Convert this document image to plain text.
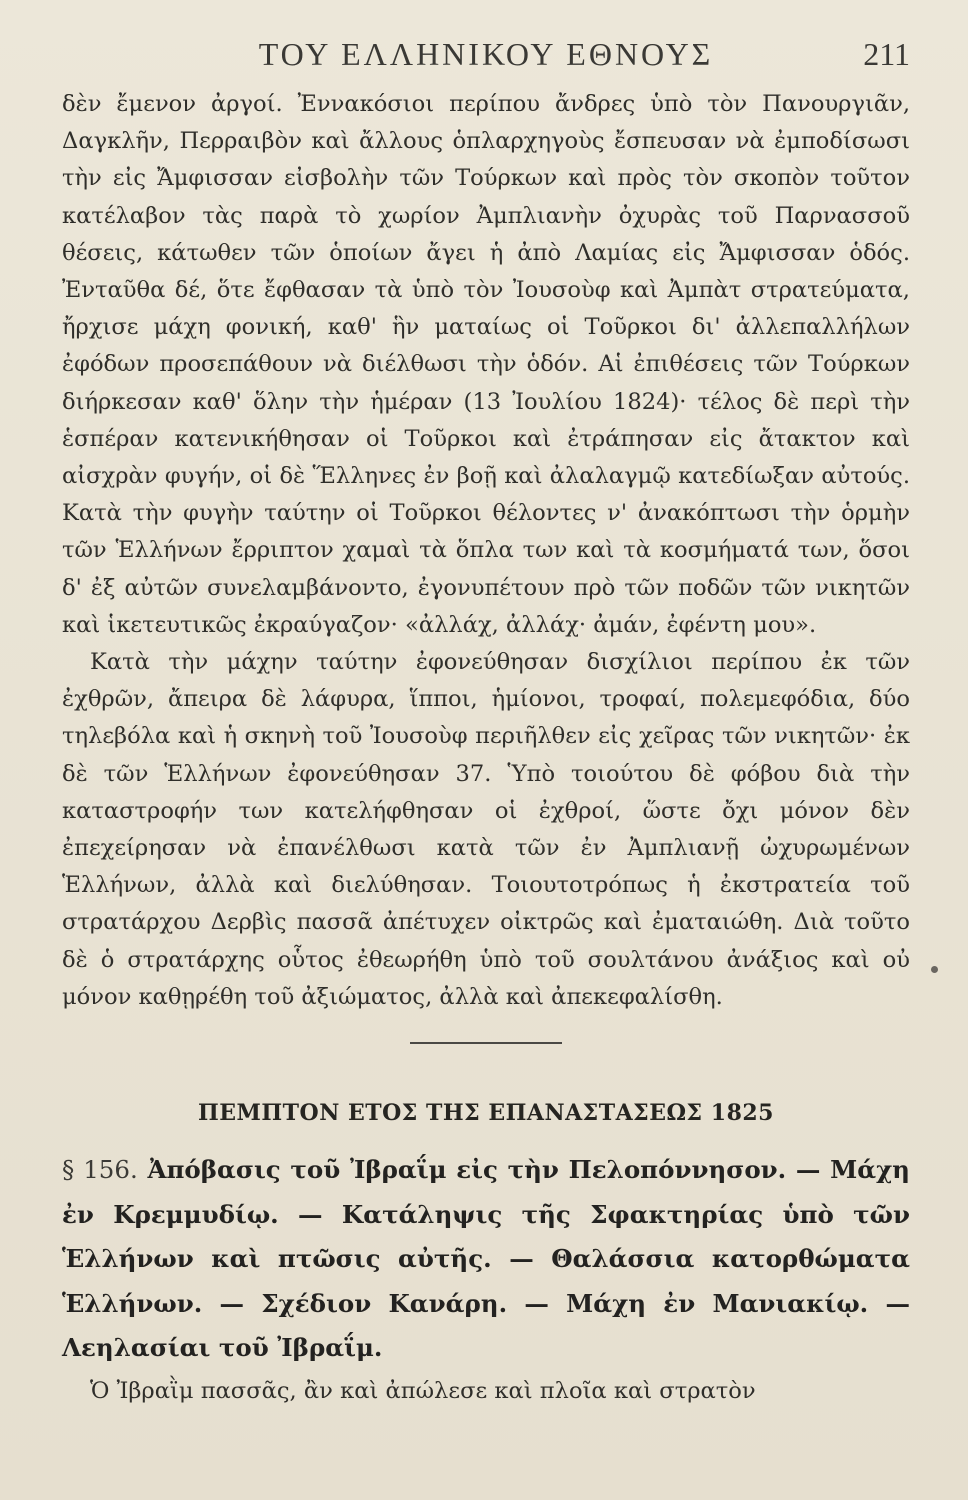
ΤΟΥ ΕΛΛΗΝΙΚΟΥ ΕΘΝΟΥΣ	211

δὲν ἔμενον ἀργοί. Ἐννακόσιοι περίπου ἄνδρες ὑπὸ τὸν Πανουργιᾶν, Δαγκλῆν, Περραιβὸν καὶ ἄλλους ὁπλαρχηγοὺς ἔσπευσαν νὰ ἐμποδίσωσι τὴν εἰς Ἄμφισσαν εἰσβολὴν τῶν Τούρκων καὶ πρὸς τὸν σκοπὸν τοῦτον κατέλαβον τὰς παρὰ τὸ χωρίον Ἀμπλιανὴν ὀχυρὰς τοῦ Παρνασσοῦ θέσεις, κάτωθεν τῶν ὁποίων ἄγει ἡ ἀπὸ Λαμίας εἰς Ἄμφισσαν ὁδός. Ἐνταῦθα δέ, ὅτε ἔφθασαν τὰ ὑπὸ τὸν Ἰουσοὺφ καὶ Ἀμπὰτ στρατεύματα, ἤρχισε μάχη φονική, καθ' ἣν ματαίως οἱ Τοῦρκοι δι' ἀλλεπαλλήλων ἐφόδων προσεπάθουν νὰ διέλθωσι τὴν ὁδόν. Αἱ ἐπιθέσεις τῶν Τούρκων διήρκεσαν καθ' ὅλην τὴν ἡμέραν (13 Ἰουλίου 1824)· τέλος δὲ περὶ τὴν ἑσπέραν κατενικήθησαν οἱ Τοῦρκοι καὶ ἐτράπησαν εἰς ἄτακτον καὶ αἰσχρὰν φυγήν, οἱ δὲ Ἕλληνες ἐν βοῇ καὶ ἀλαλαγμῷ κατεδίωξαν αὐτούς. Κατὰ τὴν φυγὴν ταύτην οἱ Τοῦρκοι θέλοντες ν' ἀνακόπτωσι τὴν ὁρμὴν τῶν Ἑλλήνων ἔρριπτον χαμαὶ τὰ ὅπλα των καὶ τὰ κοσμήματά των, ὅσοι δ' ἐξ αὐτῶν συνελαμβάνοντο, ἐγονυπέτουν πρὸ τῶν ποδῶν τῶν νικητῶν καὶ ἱκετευτικῶς ἐκραύγαζον· «ἀλλάχ, ἀλλάχ· ἀμάν, ἐφέντη μου».

Κατὰ τὴν μάχην ταύτην ἐφονεύθησαν δισχίλιοι περίπου ἐκ τῶν ἐχθρῶν, ἄπειρα δὲ λάφυρα, ἵπποι, ἡμίονοι, τροφαί, πολεμεφόδια, δύο τηλεβόλα καὶ ἡ σκηνὴ τοῦ Ἰουσοὺφ περιῆλθεν εἰς χεῖρας τῶν νικητῶν· ἐκ δὲ τῶν Ἑλλήνων ἐφονεύθησαν 37. Ὑπὸ τοιούτου δὲ φόβου διὰ τὴν καταστροφήν των κατελήφθησαν οἱ ἐχθροί, ὥστε ὄχι μόνον δὲν ἐπεχείρησαν νὰ ἐπανέλθωσι κατὰ τῶν ἐν Ἀμπλιανῇ ὠχυρωμένων Ἑλλήνων, ἀλλὰ καὶ διελύθησαν. Τοιουτοτρόπως ἡ ἐκστρατεία τοῦ στρατάρχου Δερβὶς πασσᾶ ἀπέτυχεν οἰκτρῶς καὶ ἐματαιώθη. Διὰ τοῦτο δὲ ὁ στρατάρχης οὗτος ἐθεωρήθη ὑπὸ τοῦ σουλτάνου ἀνάξιος καὶ οὐ μόνον καθῃρέθη τοῦ ἀξιώματος, ἀλλὰ καὶ ἀπεκεφαλίσθη.

ΠΕΜΠΤΟΝ ΕΤΟΣ ΤΗΣ ΕΠΑΝΑΣΤΑΣΕΩΣ 1825
§ 156. Ἀπόβασις τοῦ Ἰβραΐμ εἰς τὴν Πελοπόννησον. — Μάχη ἐν Κρεμμυδίῳ. — Κατάληψις τῆς Σφακτηρίας ὑπὸ τῶν Ἑλλήνων καὶ πτῶσις αὐτῆς. — Θαλάσσια κατορθώματα Ἑλλήνων. — Σχέδιον Κανάρη. — Μάχη ἐν Μανιακίῳ. — Λεηλασίαι τοῦ Ἰβραΐμ.

Ὁ Ἰβραῒμ πασσᾶς, ἂν καὶ ἀπώλεσε καὶ πλοῖα καὶ στρατὸν
